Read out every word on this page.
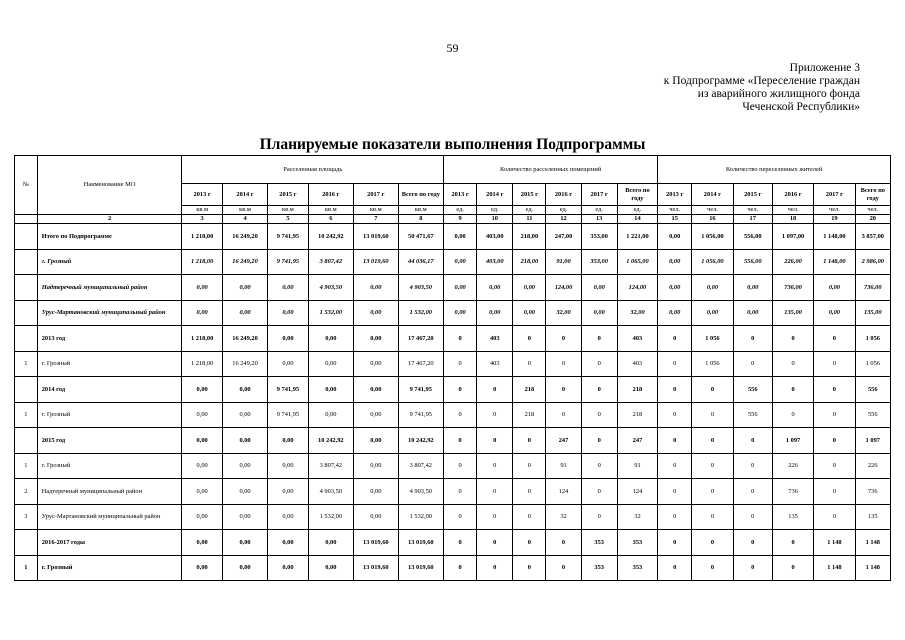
59
Приложение 3
к Подпрограмме «Переселение граждан
из аварийного жилищного фонда
Чеченской Республики»
Планируемые показатели выполнения Подпрограммы
№	Наименование МО	Расселенная площадь						Количество расселенных помещений						Количество переселенных жителей					
		2013 г	2014 г	2015 г	2016 г	2017 г	Всего по году	2013 г	2014 г	2015 г	2016 г	2017 г	Всего по году	2013 г	2014 г	2015 г	2016 г	2017 г	Всего по году
		кв.м	кв.м	кв.м	кв.м	кв.м	кв.м	ед.	ед.	ед.	ед.	ед.	ед.	чел.	чел.	чел.	чел.	чел.	чел.
	2	3	4	5	6	7	8	9	10	11	12	13	14	15	16	17	18	19	20
	Итого по Подпрограмме	1 218,00	16 249,20	9 741,95	10 242,92	13 019,60	50 471,67	0,00	403,00	218,00	247,00	353,00	1 221,00	0,00	1 056,00	556,00	1 097,00	1 148,00	3 857,00
	г. Грозный	1 218,00	16 249,20	9 741,95	3 807,42	13 019,60	44 036,17	0,00	403,00	218,00	91,00	353,00	1 065,00	0,00	1 056,00	556,00	226,00	1 148,00	2 986,00
	Надтеречный муниципальный район	0,00	0,00	0,00	4 903,50	0,00	4 903,50	0,00	0,00	0,00	124,00	0,00	124,00	0,00	0,00	0,00	736,00	0,00	736,00
	Урус-Мартановский муниципальный район	0,00	0,00	0,00	1 532,00	0,00	1 532,00	0,00	0,00	0,00	32,00	0,00	32,00	0,00	0,00	0,00	135,00	0,00	135,00
	2013 год	1 218,00	16 249,20	0,00	0,00	0,00	17 467,20	0	403	0	0	0	403	0	1 056	0	0	0	1 056
1	г. Грозный	1 218,00	16 249,20	0,00	0,00	0,00	17 467,20	0	403	0	0	0	403	0	1 056	0	0	0	1 056
	2014 год	0,00	0,00	9 741,95	0,00	0,00	9 741,95	0	0	218	0	0	218	0	0	556	0	0	556
1	г. Грозный	0,00	0,00	9 741,95	0,00	0,00	9 741,95	0	0	218	0	0	218	0	0	556	0	0	556
	2015 год	0,00	0,00	0,00	10 242,92	0,00	10 242,92	0	0	0	247	0	247	0	0	0	1 097	0	1 097
1	г. Грозный	0,00	0,00	0,00	3 807,42	0,00	3 807,42	0	0	0	91	0	91	0	0	0	226	0	226
2	Надтеречный муниципальный район	0,00	0,00	0,00	4 903,50	0,00	4 903,50	0	0	0	124	0	124	0	0	0	736	0	736
3	Урус-Мартановский муниципальный район	0,00	0,00	0,00	1 532,00	0,00	1 532,00	0	0	0	32	0	32	0	0	0	135	0	135
	2016-2017 годы	0,00	0,00	0,00	0,00	13 019,60	13 019,60	0	0	0	0	353	353	0	0	0	0	1 148	1 148
1	г. Грозный	0,00	0,00	0,00	0,00	13 019,60	13 019,60	0	0	0	0	353	353	0	0	0	0	1 148	1 148
